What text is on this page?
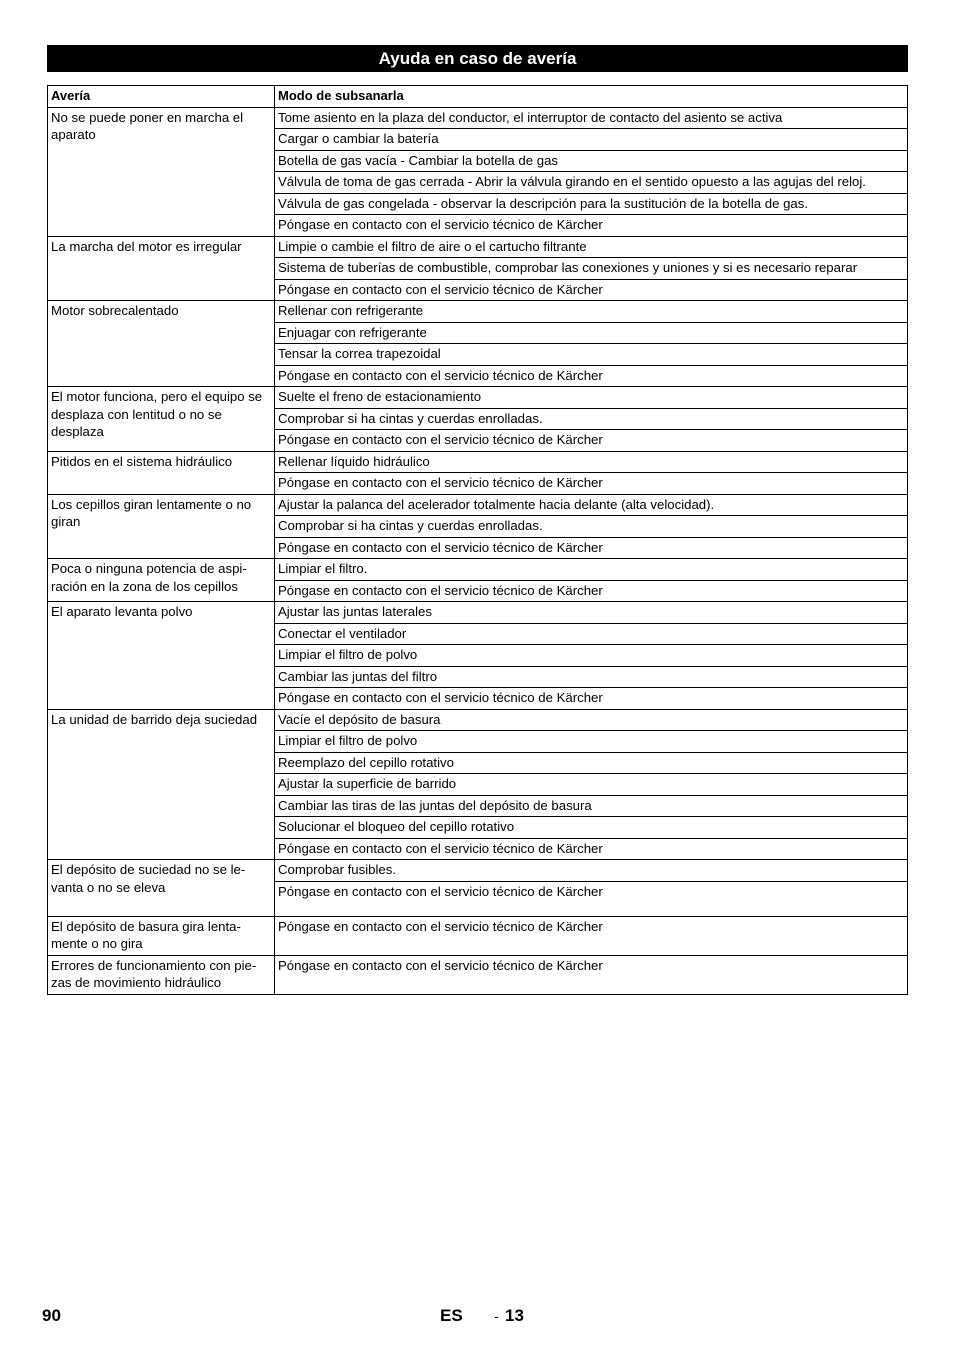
Ayuda en caso de avería
Avería	Modo de subsanarla
No se puede poner en marcha el aparato	Tome asiento en la plaza del conductor, el interruptor de contacto del asiento se activa
	Cargar o cambiar la batería
	Botella de gas vacía - Cambiar la botella de gas
	Válvula de toma de gas cerrada - Abrir la válvula girando en el sentido opuesto a las agujas del reloj.
	Válvula de gas congelada - observar la descripción para la sustitución de la botella de gas.
	Póngase en contacto con el servicio técnico de Kärcher
La marcha del motor es irregular	Limpie o cambie el filtro de aire o el cartucho filtrante
	Sistema de tuberías de combustible, comprobar las conexiones y uniones y si es necesario reparar
	Póngase en contacto con el servicio técnico de Kärcher
Motor sobrecalentado	Rellenar con refrigerante
	Enjuagar con refrigerante
	Tensar la correa trapezoidal
	Póngase en contacto con el servicio técnico de Kärcher
El motor funciona, pero el equipo se desplaza con lentitud o no se desplaza	Suelte el freno de estacionamiento
	Comprobar si ha cintas y cuerdas enrolladas.
	Póngase en contacto con el servicio técnico de Kärcher
Pitidos en el sistema hidráulico	Rellenar líquido hidráulico
	Póngase en contacto con el servicio técnico de Kärcher
Los cepillos giran lentamente o no giran	Ajustar la palanca del acelerador totalmente hacia delante (alta velocidad).
	Comprobar si ha cintas y cuerdas enrolladas.
	Póngase en contacto con el servicio técnico de Kärcher
Poca o ninguna potencia de aspi-ración en la zona de los cepillos	Limpiar el filtro.
	Póngase en contacto con el servicio técnico de Kärcher
El aparato levanta polvo	Ajustar las juntas laterales
	Conectar el ventilador
	Limpiar el filtro de polvo
	Cambiar las juntas del filtro
	Póngase en contacto con el servicio técnico de Kärcher
La unidad de barrido deja suciedad	Vacíe el depósito de basura
	Limpiar el filtro de polvo
	Reemplazo del cepillo rotativo
	Ajustar la superficie de barrido
	Cambiar las tiras de las juntas del depósito de basura
	Solucionar el bloqueo del cepillo rotativo
	Póngase en contacto con el servicio técnico de Kärcher
El depósito de suciedad no se le-vanta o no se eleva	Comprobar fusibles.
	Póngase en contacto con el servicio técnico de Kärcher
El depósito de basura gira lenta-mente o no gira	Póngase en contacto con el servicio técnico de Kärcher
Errores de funcionamiento con pie-zas de movimiento hidráulico	Póngase en contacto con el servicio técnico de Kärcher
90	ES - 13
